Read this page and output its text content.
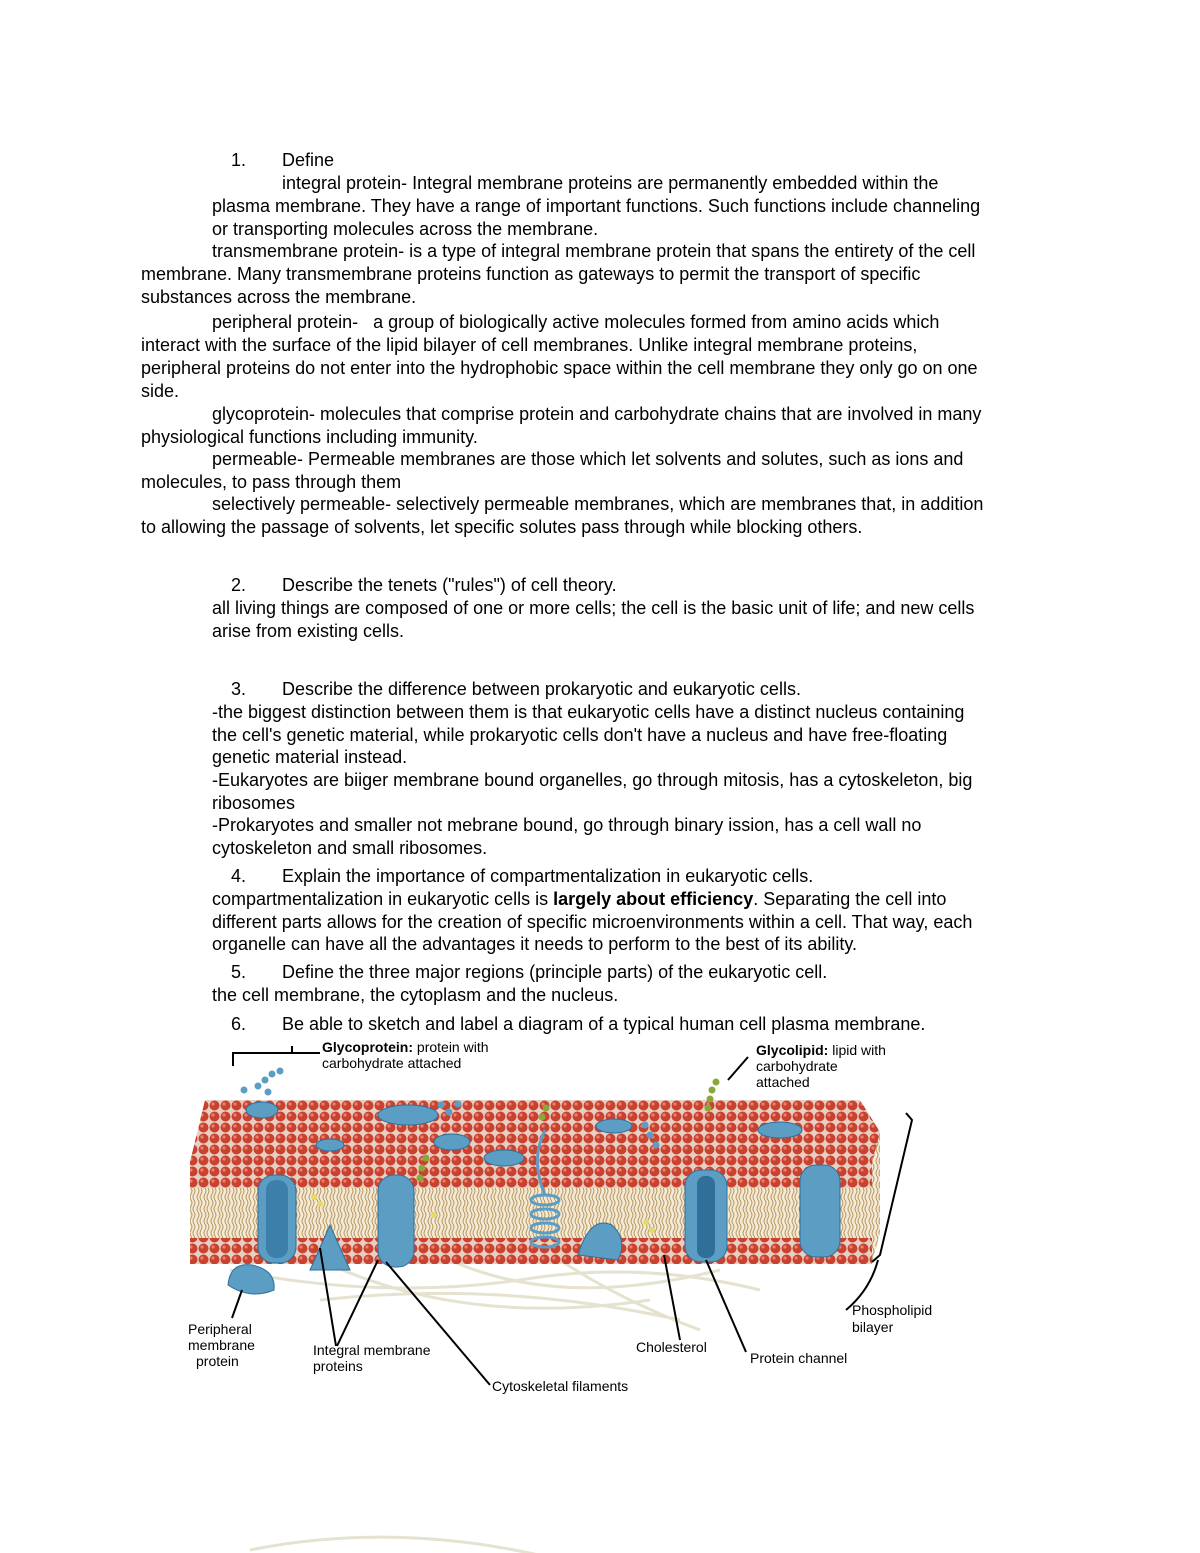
1. Define
integral protein- Integral membrane proteins are permanently embedded within the
plasma membrane. They have a range of important functions. Such functions include channeling
or transporting molecules across the membrane.
transmembrane protein- is a type of integral membrane protein that spans the entirety of the cell
membrane. Many transmembrane proteins function as gateways to permit the transport of specific
substances across the membrane.
peripheral protein-   a group of biologically active molecules formed from amino acids which
interact with the surface of the lipid bilayer of cell membranes. Unlike integral membrane proteins,
peripheral proteins do not enter into the hydrophobic space within the cell membrane they only go on one
side.
glycoprotein- molecules that comprise protein and carbohydrate chains that are involved in many
physiological functions including immunity.
permeable- Permeable membranes are those which let solvents and solutes, such as ions and
molecules, to pass through them
selectively permeable- selectively permeable membranes, which are membranes that, in addition
to allowing the passage of solvents, let specific solutes pass through while blocking others.
2. Describe the tenets ("rules") of cell theory.
all living things are composed of one or more cells; the cell is the basic unit of life; and new cells
arise from existing cells.
3. Describe the difference between prokaryotic and eukaryotic cells.
-the biggest distinction between them is that eukaryotic cells have a distinct nucleus containing
the cell's genetic material, while prokaryotic cells don't have a nucleus and have free-floating
genetic material instead.
-Eukaryotes are biiger membrane bound organelles, go through mitosis, has a cytoskeleton, big
ribosomes
-Prokaryotes and smaller not mebrane bound, go through binary ission, has a cell wall no
cytoskeleton and small ribosomes.
4. Explain the importance of compartmentalization in eukaryotic cells.
compartmentalization in eukaryotic cells is largely about efficiency. Separating the cell into
different parts allows for the creation of specific microenvironments within a cell. That way, each
organelle can have all the advantages it needs to perform to the best of its ability.
5. Define the three major regions (principle parts) of the eukaryotic cell.
the cell membrane, the cytoplasm and the nucleus.
6. Be able to sketch and label a diagram of a typical human cell plasma membrane.
Glycoprotein: protein with
carbohydrate attached
Glycolipid: lipid with
carbohydrate
attached
Peripheral
membrane
protein
Integral membrane
proteins
Cytoskeletal filaments
Cholesterol
Protein channel
Phospholipid
bilayer
